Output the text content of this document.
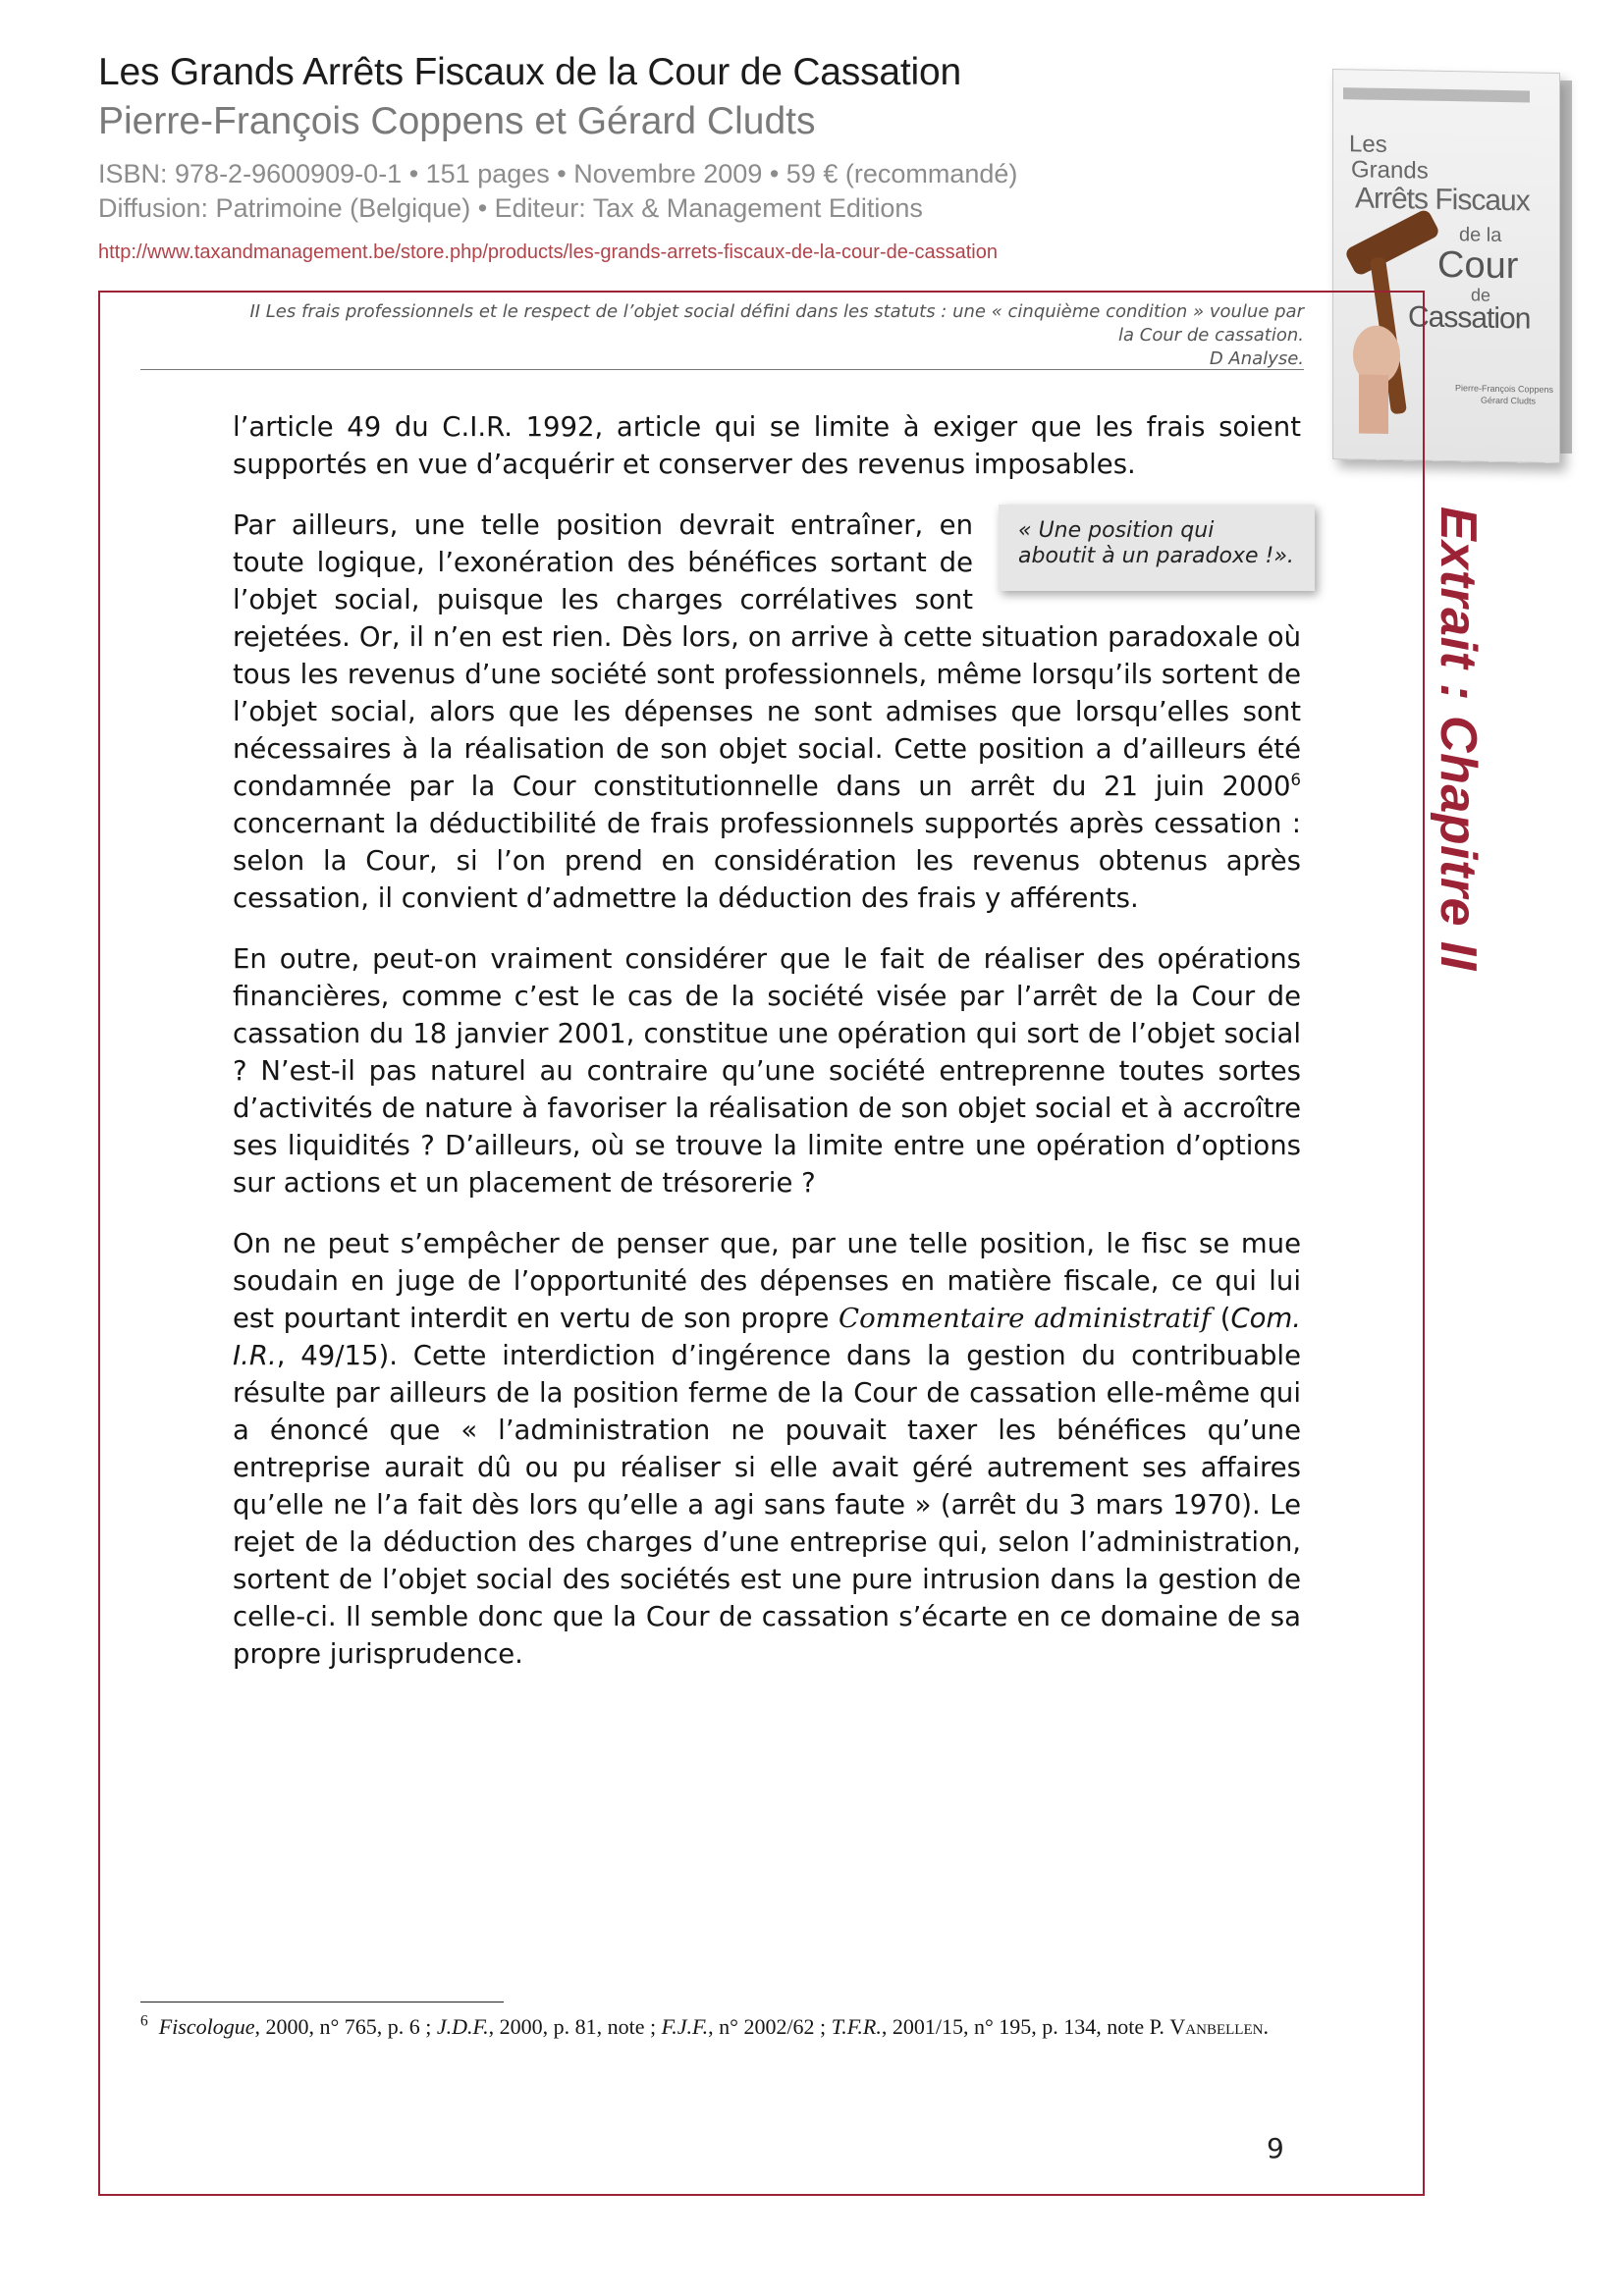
Les Grands Arrêts Fiscaux de la Cour de Cassation
Pierre-François Coppens et Gérard Cludts
ISBN: 978-2-9600909-0-1 • 151 pages • Novembre 2009 • 59 € (recommandé)
Diffusion: Patrimoine (Belgique) • Editeur: Tax & Management Editions
http://www.taxandmanagement.be/store.php/products/les-grands-arrets-fiscaux-de-la-cour-de-cassation
Les
Grands
Arrêts Fiscaux
de la
Cour
de
Cassation
Pierre-François Coppens
Gérard Cludts
II Les frais professionnels et le respect de l’objet social défini dans les statuts : une « cinquième condition » voulue par
la Cour de cassation.
D Analyse.
Extrait : Chapitre II

l’article 49 du C.I.R. 1992, article qui se limite à exiger que les frais soient supportés en vue d’acquérir et conserver des revenus imposables.

« Une position qui aboutit à un paradoxe !».
Par ailleurs, une telle position devrait entraîner, en toute logique, l’exonération des bénéfices sortant de l’objet social, puisque les charges corrélatives sont rejetées. Or, il n’en est rien. Dès lors, on arrive à cette situation paradoxale où tous les revenus d’une société sont professionnels, même lorsqu’ils sortent de l’objet social, alors que les dépenses ne sont admises que lorsqu’elles sont nécessaires à la réalisation de son objet social. Cette position a d’ailleurs été condamnée par la Cour constitutionnelle dans un arrêt du 21 juin 2000$^6$ concernant la déductibilité de frais professionnels supportés après cessation : selon la Cour, si l’on prend en considération les revenus obtenus après cessation, il convient d’admettre la déduction des frais y afférents.

En outre, peut-on vraiment considérer que le fait de réaliser des opérations financières, comme c’est le cas de la société visée par l’arrêt de la Cour de cassation du 18 janvier 2001, constitue une opération qui sort de l’objet social ? N’est-il pas naturel au contraire qu’une société entreprenne toutes sortes d’activités de nature à favoriser la réalisation de son objet social et à accroître ses liquidités ? D’ailleurs, où se trouve la limite entre une opération d’options sur actions et un placement de trésorerie ?

On ne peut s’empêcher de penser que, par une telle position, le fisc se mue soudain en juge de l’opportunité des dépenses en matière fiscale, ce qui lui est pourtant interdit en vertu de son propre Commentaire administratif (Com. I.R., 49/15). Cette interdiction d’ingérence dans la gestion du contribuable résulte par ailleurs de la position ferme de la Cour de cassation elle-même qui a énoncé que « l’administration ne pouvait taxer les bénéfices qu’une entreprise aurait dû ou pu réaliser si elle avait géré autrement ses affaires qu’elle ne l’a fait dès lors qu’elle a agi sans faute » (arrêt du 3 mars 1970). Le rejet de la déduction des charges d’une entreprise qui, selon l’administration, sortent de l’objet social des sociétés est une pure intrusion dans la gestion de celle-ci. Il semble donc que la Cour de cassation s’écarte en ce domaine de sa propre jurisprudence.

$^6$ Fiscologue, 2000, n° 765, p. 6 ; J.D.F., 2000, p. 81, note ; F.J.F., n° 2002/62 ; T.F.R., 2001/15, n° 195, p. 134, note P. Vanbellen.
9
